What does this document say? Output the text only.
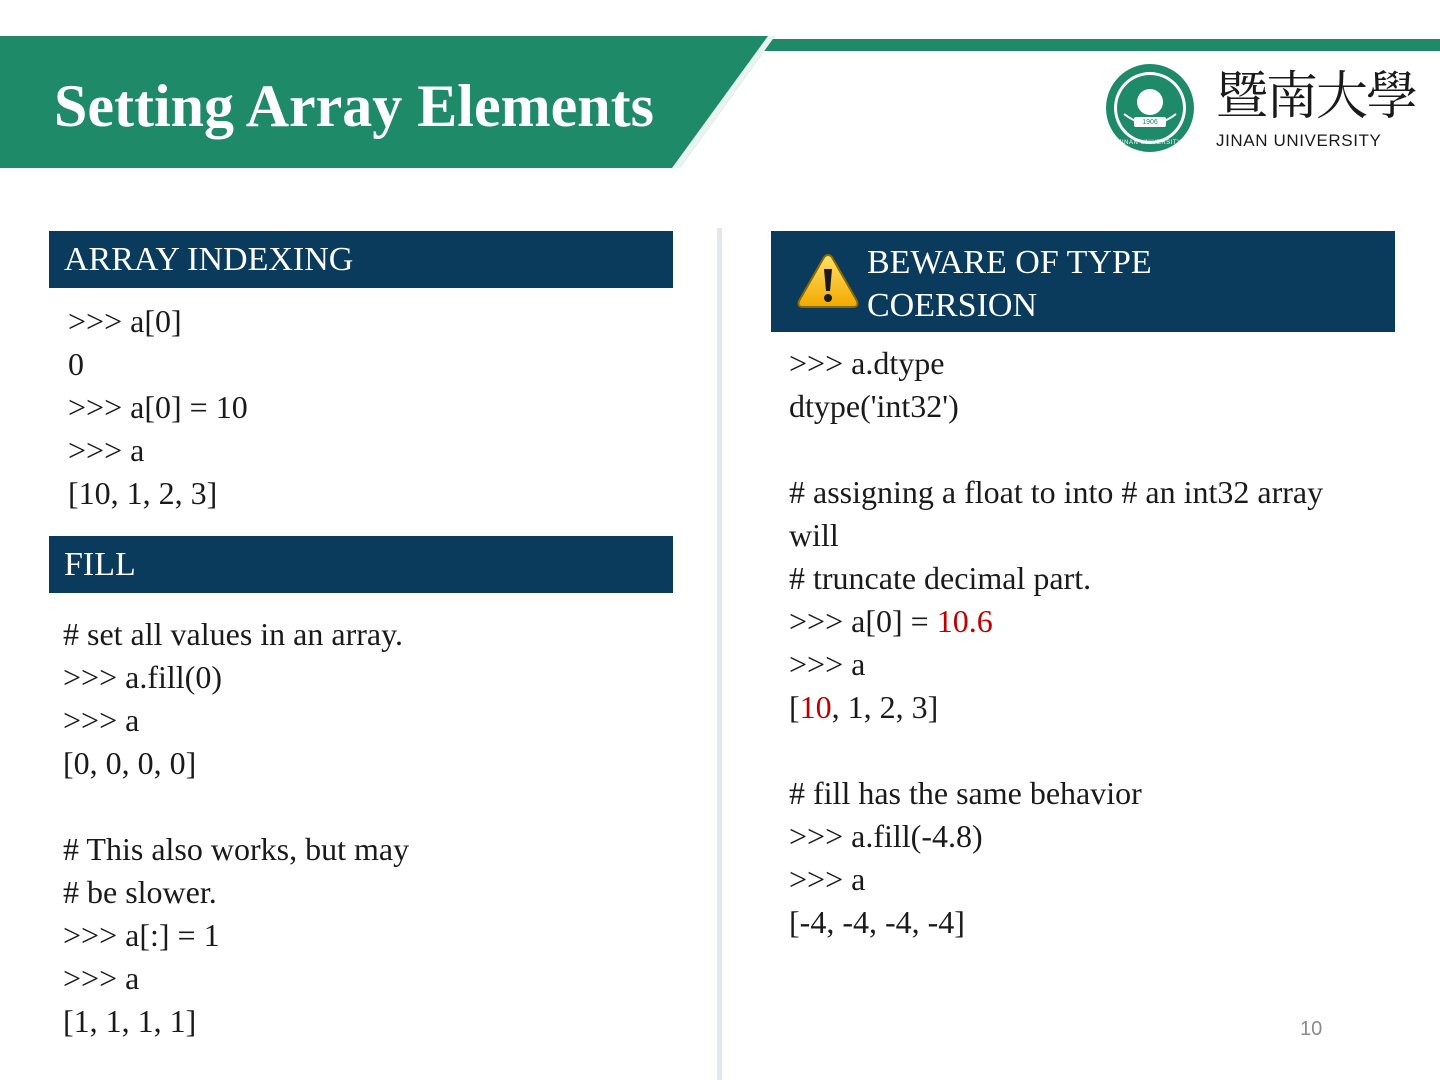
Setting Array Elements	1906
JINAN UNIVERSITY
暨南大學
JINAN UNIVERSITY
ARRAY INDEXING
>>> a[0]
0
>>> a[0] = 10
>>> a
[10, 1, 2, 3]
FILL
# set all values in an array.
>>> a.fill(0)
>>> a
[0, 0, 0, 0]

# This also works, but may
# be slower.
>>> a[:] = 1
>>> a
[1, 1, 1, 1]
BEWARE OF TYPE
COERSION
>>> a.dtype
dtype('int32')

# assigning a float to into # an int32 array
will
# truncate decimal part.
>>> a[0] = 10.6
>>> a
[10, 1, 2, 3]

# fill has the same behavior
>>> a.fill(-4.8)
>>> a
[-4, -4, -4, -4]
10
